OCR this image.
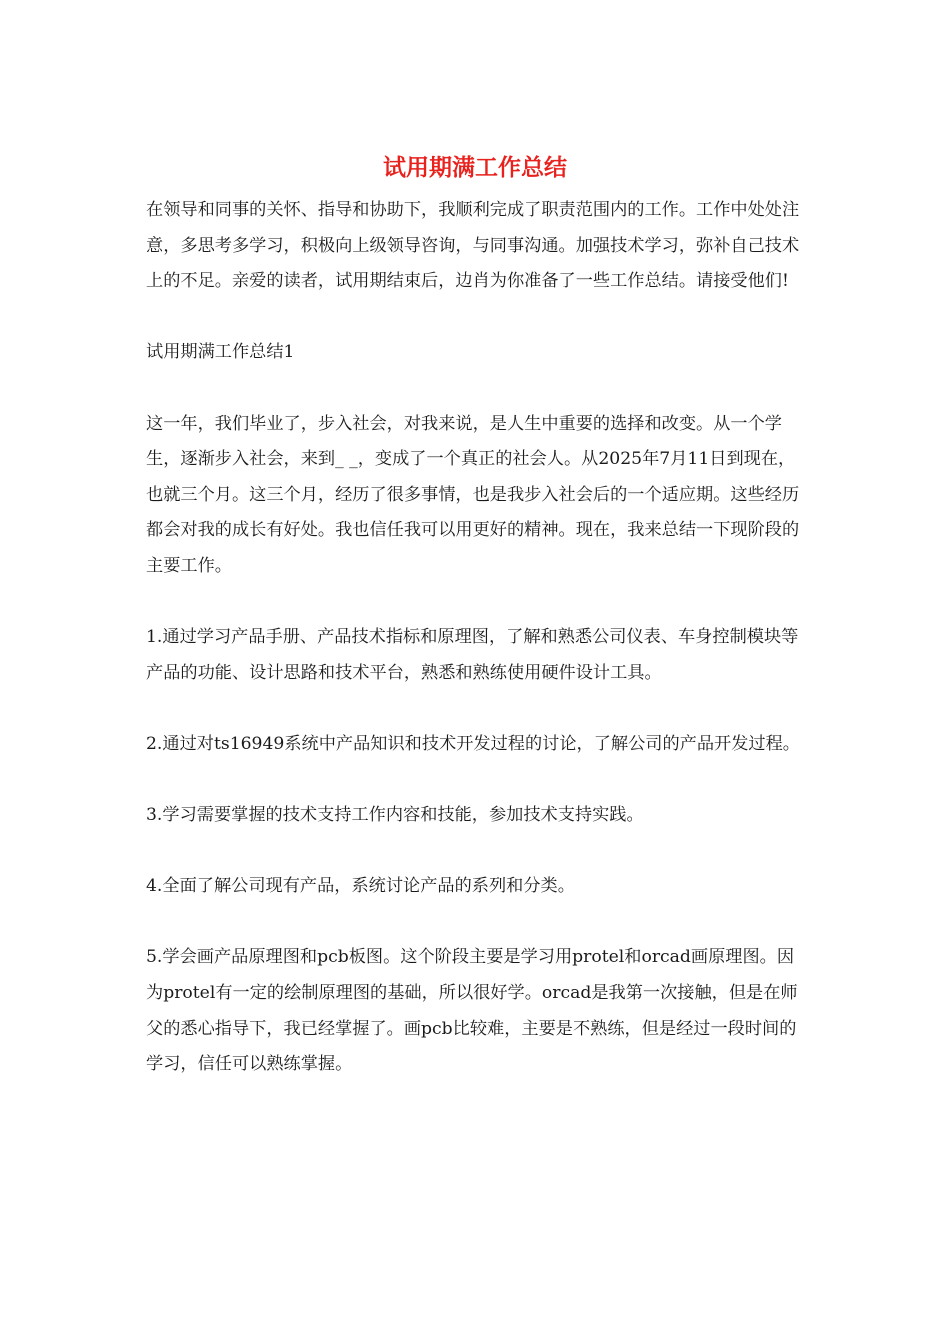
试用期满工作总结

在领导和同事的关怀、指导和协助下，我顺利完成了职责范围内的工作。工作中处处注意，多思考多学习，积极向上级领导咨询，与同事沟通。加强技术学习，弥补自己技术上的不足。亲爱的读者，试用期结束后，边肖为你准备了一些工作总结。请接受他们!

试用期满工作总结1

这一年，我们毕业了，步入社会，对我来说，是人生中重要的选择和改变。从一个学生，逐渐步入社会，来到_ _，变成了一个真正的社会人。从2025年7月11日到现在，也就三个月。这三个月，经历了很多事情，也是我步入社会后的一个适应期。这些经历都会对我的成长有好处。我也信任我可以用更好的精神。现在，我来总结一下现阶段的主要工作。

1.通过学习产品手册、产品技术指标和原理图，了解和熟悉公司仪表、车身控制模块等产品的功能、设计思路和技术平台，熟悉和熟练使用硬件设计工具。

2.通过对ts16949系统中产品知识和技术开发过程的讨论，了解公司的产品开发过程。

3.学习需要掌握的技术支持工作内容和技能，参加技术支持实践。

4.全面了解公司现有产品，系统讨论产品的系列和分类。

5.学会画产品原理图和pcb板图。这个阶段主要是学习用protel和orcad画原理图。因为protel有一定的绘制原理图的基础，所以很好学。orcad是我第一次接触，但是在师父的悉心指导下，我已经掌握了。画pcb比较难，主要是不熟练，但是经过一段时间的学习，信任可以熟练掌握。
